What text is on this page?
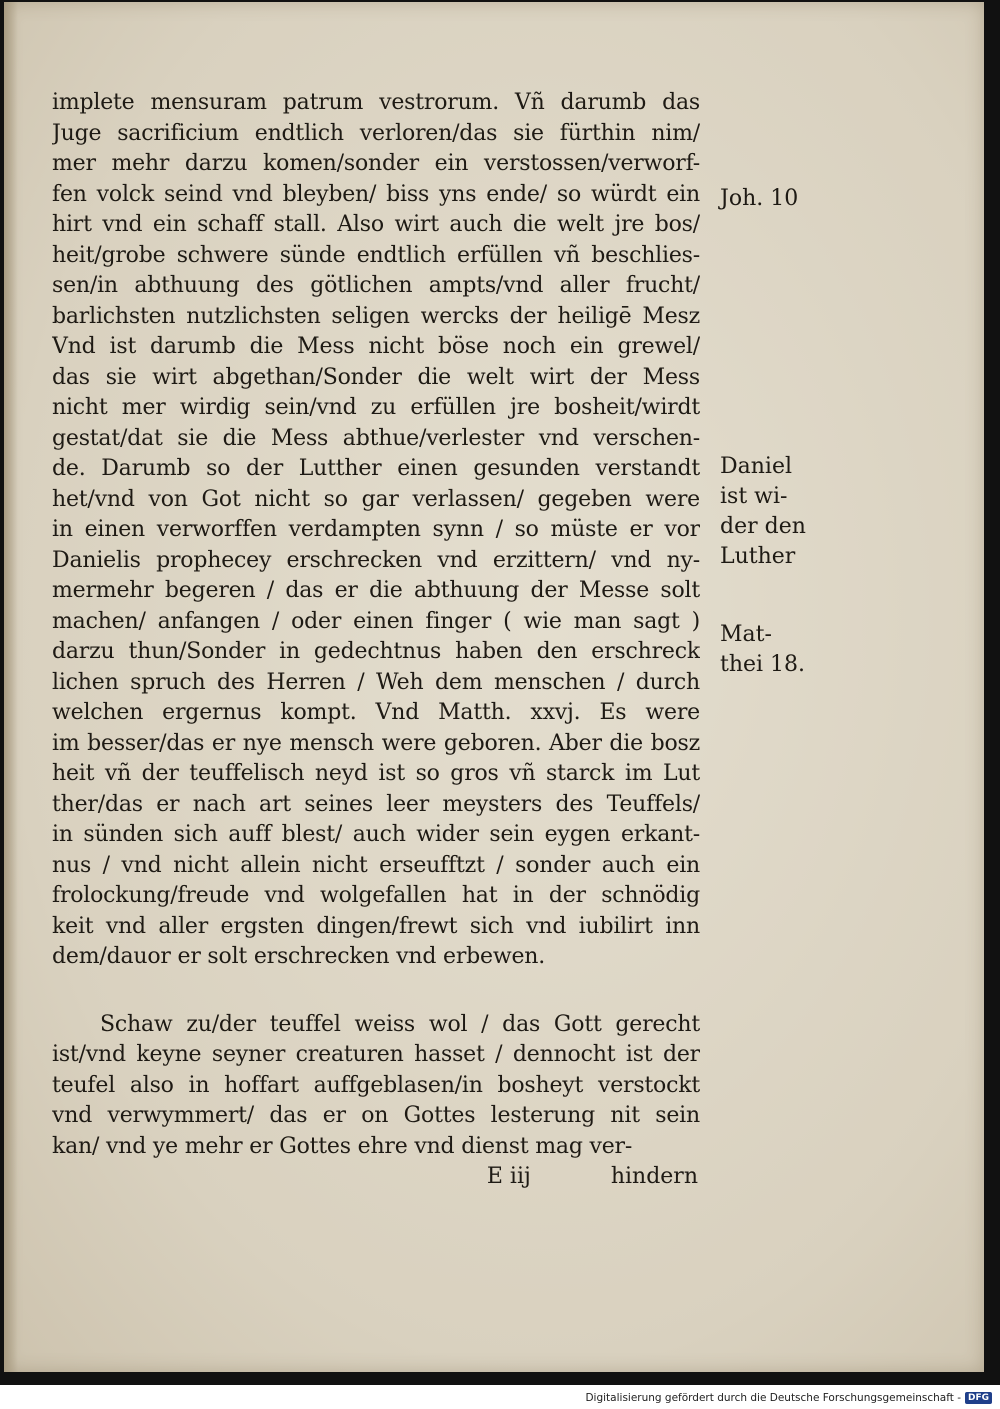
implete mensuram patrum vestrorum. Vñ darumb das
Juge sacrificium endtlich verloren/das sie fürthin nim/
mer mehr darzu komen/sonder ein verstossen/verworf-
fen volck seind vnd bleyben/ biss yns ende/ so würdt ein
hirt vnd ein schaff stall. Also wirt auch die welt jre bos/
heit/grobe schwere sünde endtlich erfüllen vñ beschlies-
sen/in abthuung des götlichen ampts/vnd aller frucht/
barlichsten nutzlichsten seligen wercks der heiligē Mesz
Vnd ist darumb die Mess nicht böse noch ein grewel/
das sie wirt abgethan/Sonder die welt wirt der Mess
nicht mer wirdig sein/vnd zu erfüllen jre bosheit/wirdt
gestat/dat sie die Mess abthue/verlester vnd verschen-
de. Darumb so der Lutther einen gesunden verstandt
het/vnd von Got nicht so gar verlassen/ gegeben were
in einen verworffen verdampten synn / so müste er vor
Danielis prophecey erschrecken vnd erzittern/ vnd ny-
mermehr begeren / das er die abthuung der Messe solt
machen/ anfangen / oder einen finger ( wie man sagt )
darzu thun/Sonder in gedechtnus haben den erschreck
lichen spruch des Herren / Weh dem menschen / durch
welchen ergernus kompt. Vnd Matth. xxvj. Es were
im besser/das er nye mensch were geboren. Aber die bosz
heit vñ der teuffelisch neyd ist so gros vñ starck im Lut
ther/das er nach art seines leer meysters des Teuffels/
in sünden sich auff blest/ auch wider sein eygen erkant-
nus / vnd nicht allein nicht erseufftzt / sonder auch ein
frolockung/freude vnd wolgefallen hat in der schnödig
keit vnd aller ergsten dingen/frewt sich vnd iubilirt inn
dem/dauor er solt erschrecken vnd erbewen.
Schaw zu/der teuffel weiss wol / das Gott gerecht
ist/vnd keyne seyner creaturen hasset / dennocht ist der
teufel also in hoffart auffgeblasen/in bosheyt verstockt
vnd verwymmert/ das er on Gottes lesterung nit sein
kan/ vnd ye mehr er Gottes ehre vnd dienst mag ver-
E iij	hindern
Joh. 10
Daniel
ist wi-
der den
Luther
Mat-
thei 18.
Digitalisierung gefördert durch die Deutsche Forschungsgemeinschaft - DFG
